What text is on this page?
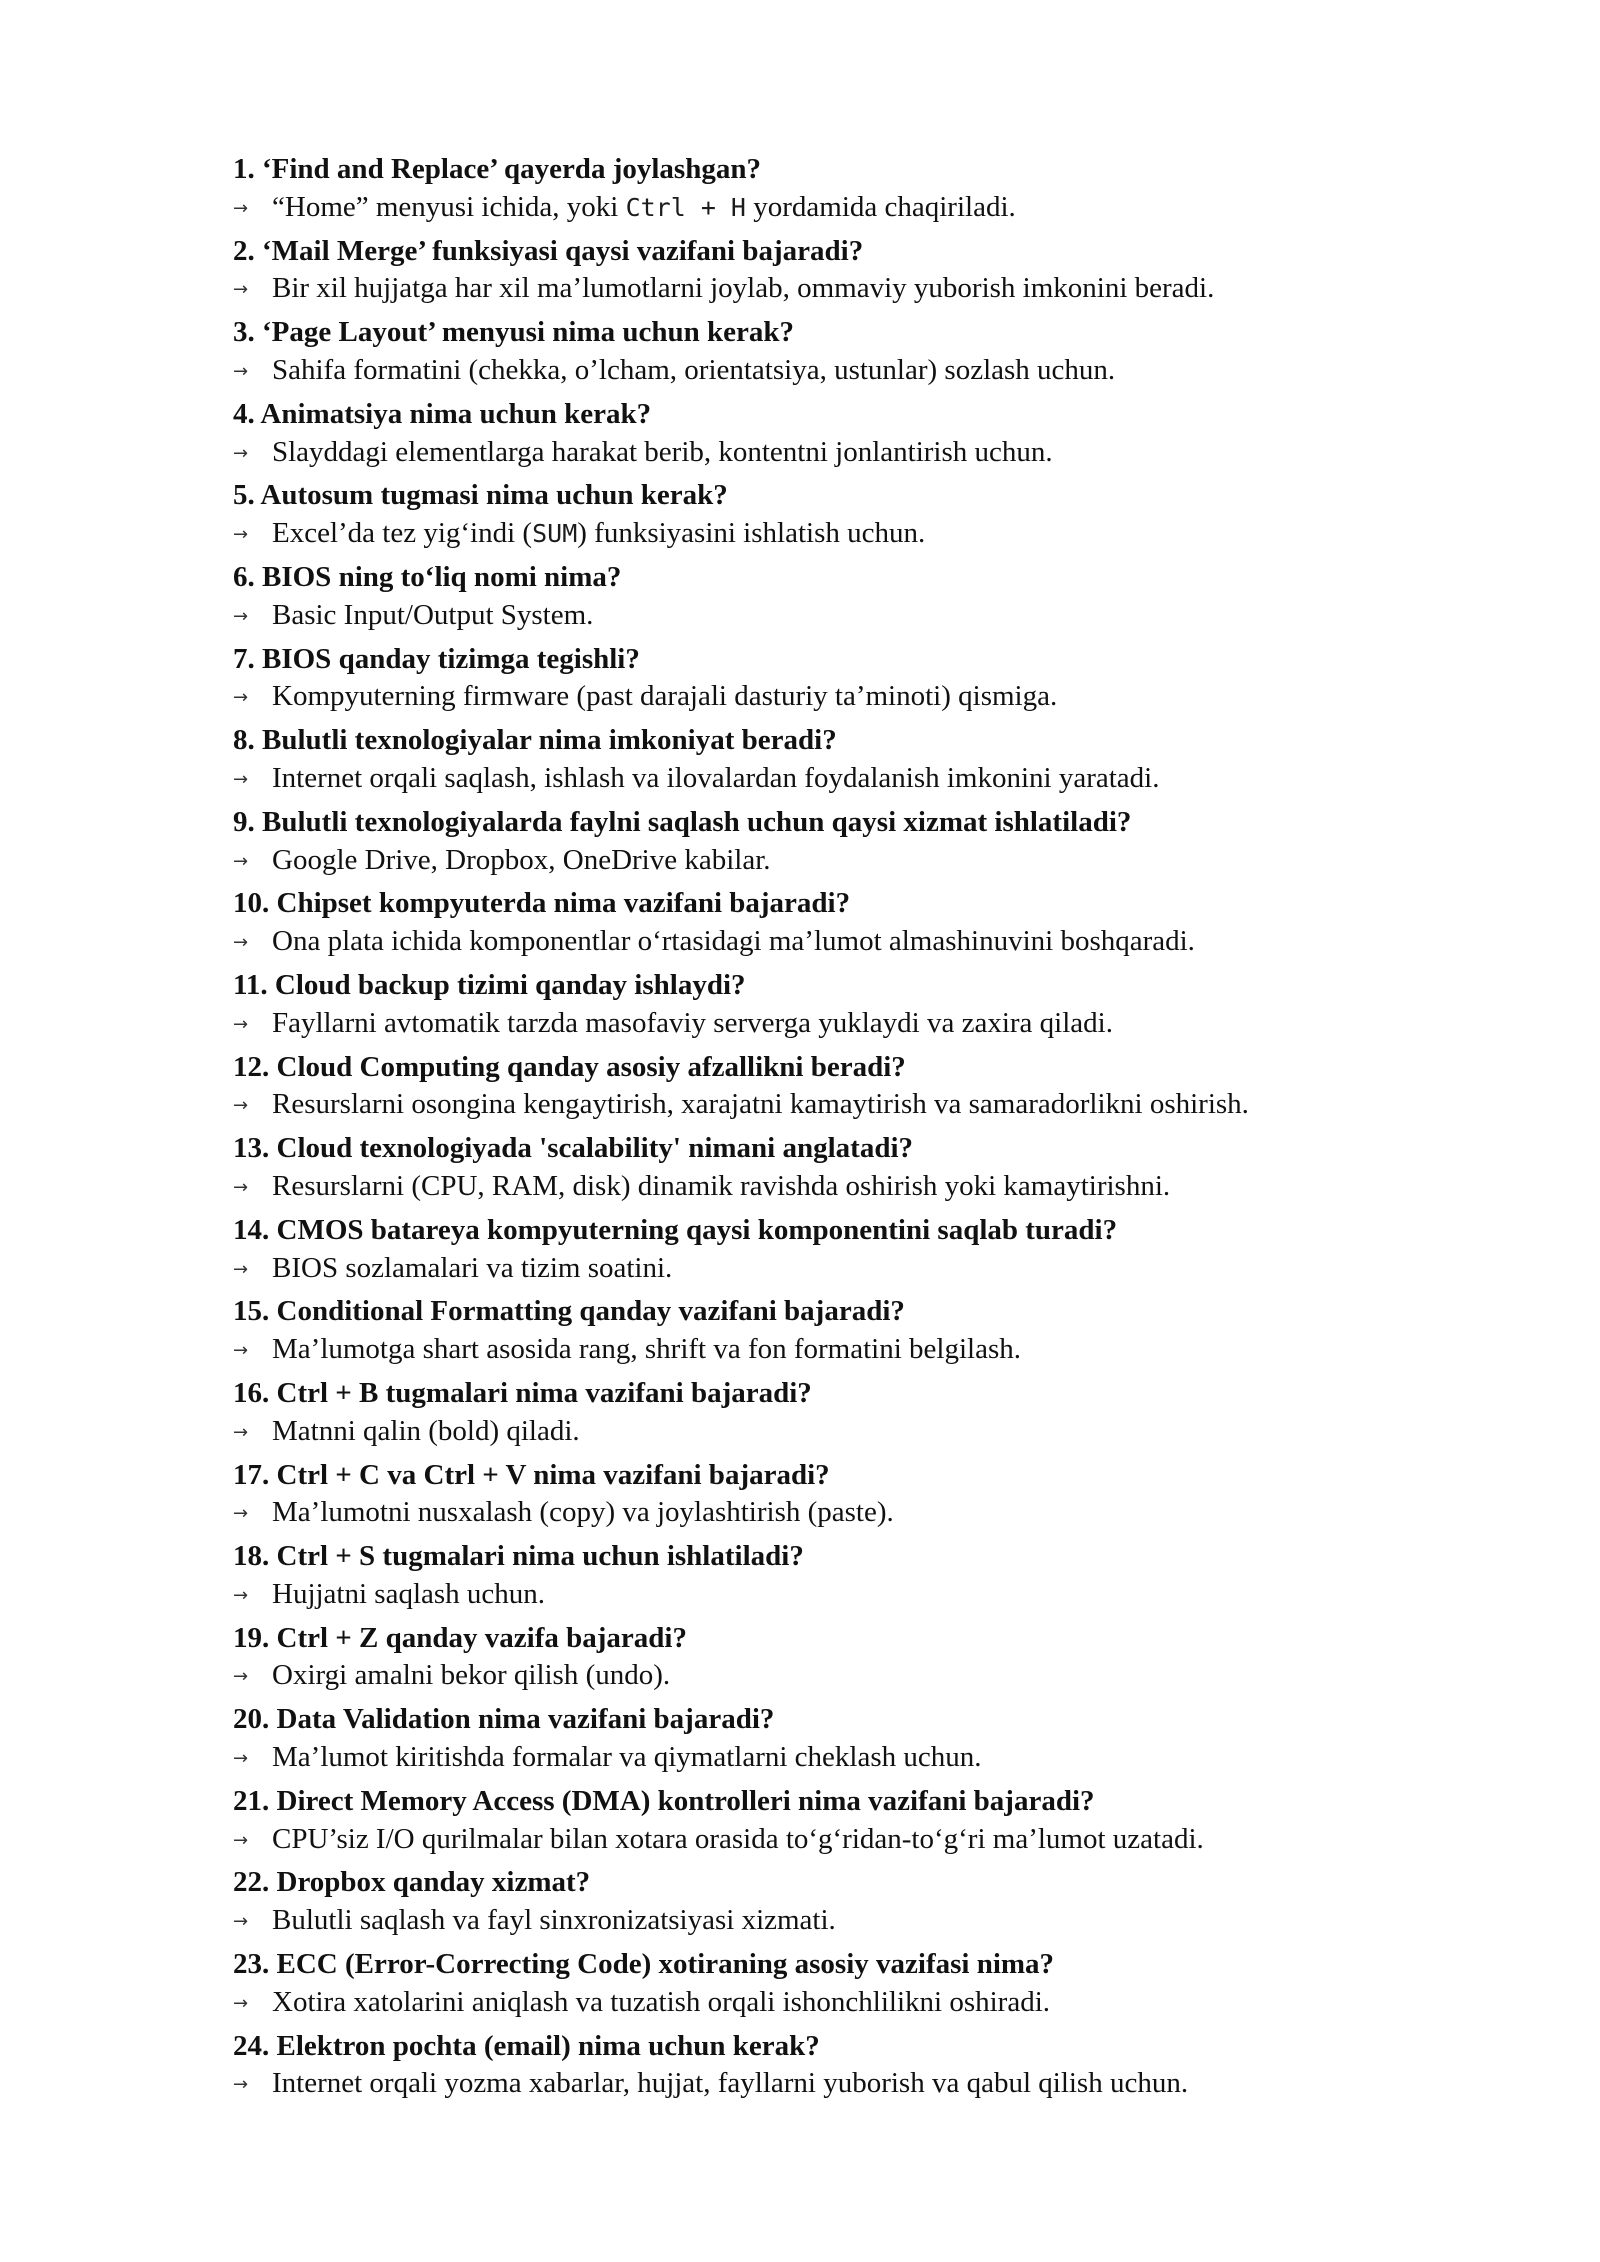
1. ‘Find and Replace’ qayerda joylashgan?
→ “Home” menyusi ichida, yoki Ctrl + H yordamida chaqiriladi.
2. ‘Mail Merge’ funksiyasi qaysi vazifani bajaradi?
→ Bir xil hujjatga har xil ma’lumotlarni joylab, ommaviy yuborish imkonini beradi.
3. ‘Page Layout’ menyusi nima uchun kerak?
→ Sahifa formatini (chekka, o’lcham, orientatsiya, ustunlar) sozlash uchun.
4. Animatsiya nima uchun kerak?
→ Slayddagi elementlarga harakat berib, kontentni jonlantirish uchun.
5. Autosum tugmasi nima uchun kerak?
→ Excel’da tez yig‘indi (SUM) funksiyasini ishlatish uchun.
6. BIOS ning to‘liq nomi nima?
→ Basic Input/Output System.
7. BIOS qanday tizimga tegishli?
→ Kompyuterning firmware (past darajali dasturiy ta’minoti) qismiga.
8. Bulutli texnologiyalar nima imkoniyat beradi?
→ Internet orqali saqlash, ishlash va ilovalardan foydalanish imkonini yaratadi.
9. Bulutli texnologiyalarda faylni saqlash uchun qaysi xizmat ishlatiladi?
→ Google Drive, Dropbox, OneDrive kabilar.
10. Chipset kompyuterda nima vazifani bajaradi?
→ Ona plata ichida komponentlar o‘rtasidagi ma’lumot almashinuvini boshqaradi.
11. Cloud backup tizimi qanday ishlaydi?
→ Fayllarni avtomatik tarzda masofaviy serverga yuklaydi va zaxira qiladi.
12. Cloud Computing qanday asosiy afzallikni beradi?
→ Resurslarni osongina kengaytirish, xarajatni kamaytirish va samaradorlikni oshirish.
13. Cloud texnologiyada 'scalability' nimani anglatadi?
→ Resurslarni (CPU, RAM, disk) dinamik ravishda oshirish yoki kamaytirishni.
14. CMOS batareya kompyuterning qaysi komponentini saqlab turadi?
→ BIOS sozlamalari va tizim soatini.
15. Conditional Formatting qanday vazifani bajaradi?
→ Ma’lumotga shart asosida rang, shrift va fon formatini belgilash.
16. Ctrl + B tugmalari nima vazifani bajaradi?
→ Matnni qalin (bold) qiladi.
17. Ctrl + C va Ctrl + V nima vazifani bajaradi?
→ Ma’lumotni nusxalash (copy) va joylashtirish (paste).
18. Ctrl + S tugmalari nima uchun ishlatiladi?
→ Hujjatni saqlash uchun.
19. Ctrl + Z qanday vazifa bajaradi?
→ Oxirgi amalni bekor qilish (undo).
20. Data Validation nima vazifani bajaradi?
→ Ma’lumot kiritishda formalar va qiymatlarni cheklash uchun.
21. Direct Memory Access (DMA) kontrolleri nima vazifani bajaradi?
→ CPU’siz I/O qurilmalar bilan xotara orasida to‘g‘ridan-to‘g‘ri ma’lumot uzatadi.
22. Dropbox qanday xizmat?
→ Bulutli saqlash va fayl sinxronizatsiyasi xizmati.
23. ECC (Error-Correcting Code) xotiraning asosiy vazifasi nima?
→ Xotira xatolarini aniqlash va tuzatish orqali ishonchlilikni oshiradi.
24. Elektron pochta (email) nima uchun kerak?
→ Internet orqali yozma xabarlar, hujjat, fayllarni yuborish va qabul qilish uchun.
